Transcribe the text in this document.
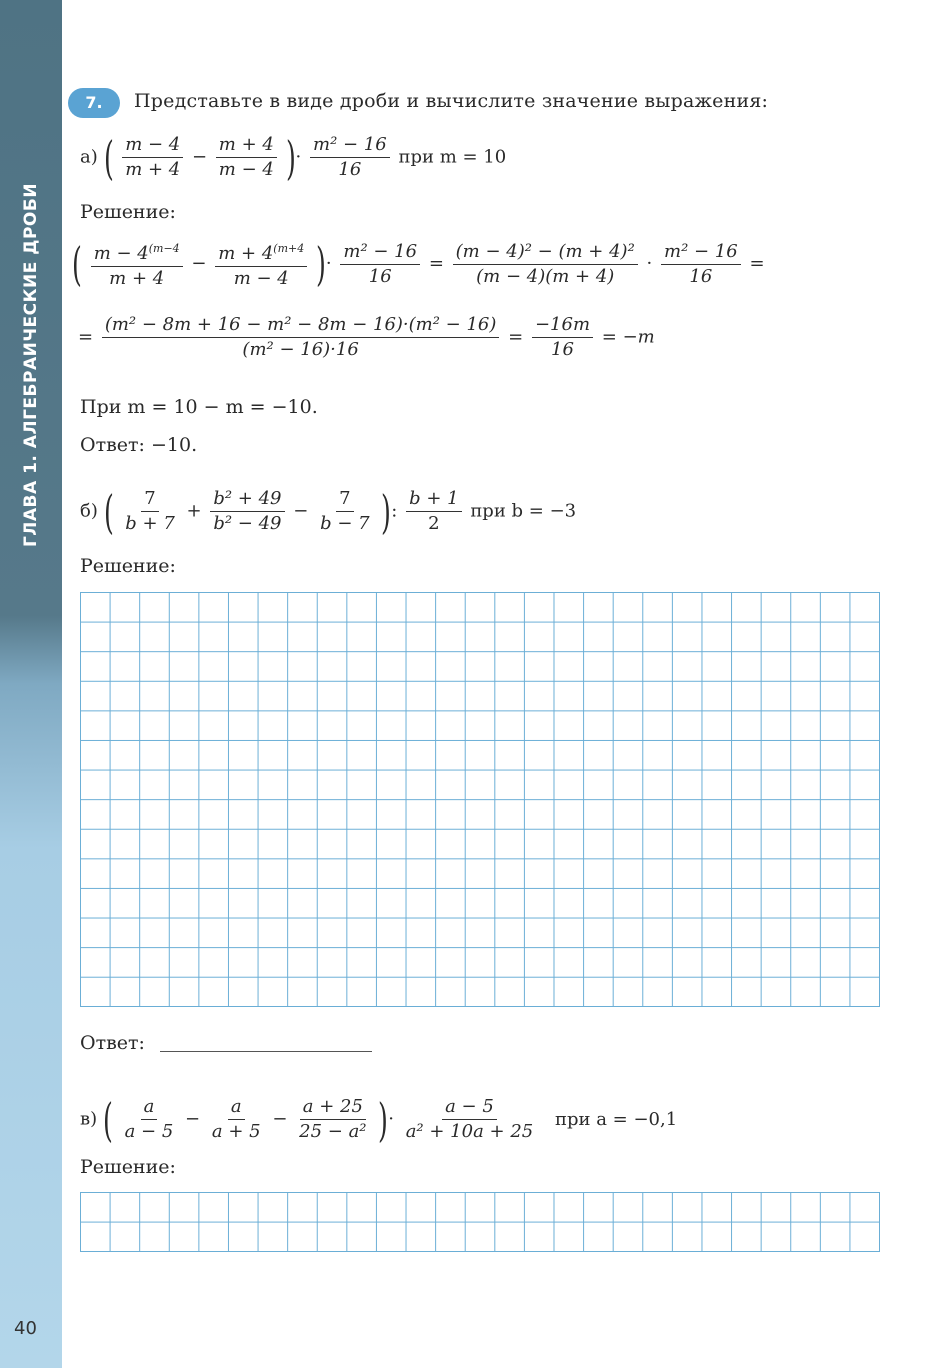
ГЛАВА 1. АЛГЕБРАИЧЕСКИЕ ДРОБИ
40
7.	Представьте в виде дроби и вычислите значение выражения:
а) ( $\frac{m - 4}{m + 4} - \frac{m + 4}{m - 4}$ )· $\frac{\text{m² − 16}}{16}$ при m = 10
Решение:
( $\frac{m - 4^{(m-4}}{m + 4} - \frac{m + 4^{(m+4}}{m - 4}$ )· $\frac{\text{m² − 16}}{16} = \frac{\text{(m − 4)² − (m + 4)²}}{(m - 4)(m + 4)} \cdot \frac{\text{m² − 16}}{16}$ =
= $\frac{\text{(m² − 8m + 16 − m² − 8m − 16)·(m² − 16)}}{\text{(m² − 16)·16}} = \frac{-16m}{16} = -m$
При m = 10 − m = −10.
Ответ: −10.
б) ( $\frac{7}{b + 7} + \frac{\text{b² + 49}}{\text{b² − 49}} - \frac{7}{b - 7}$ ): $\frac{b + 1}{2}$ при b = −3
Решение:
Ответ:
в) ( $\frac{a}{a - 5} - \frac{a}{a + 5} - \frac{a + 25}{\text{25 − a²}}$ )· $\frac{a - 5}{\text{a² + 10a + 25}}$ при a = −0,1
Решение:
